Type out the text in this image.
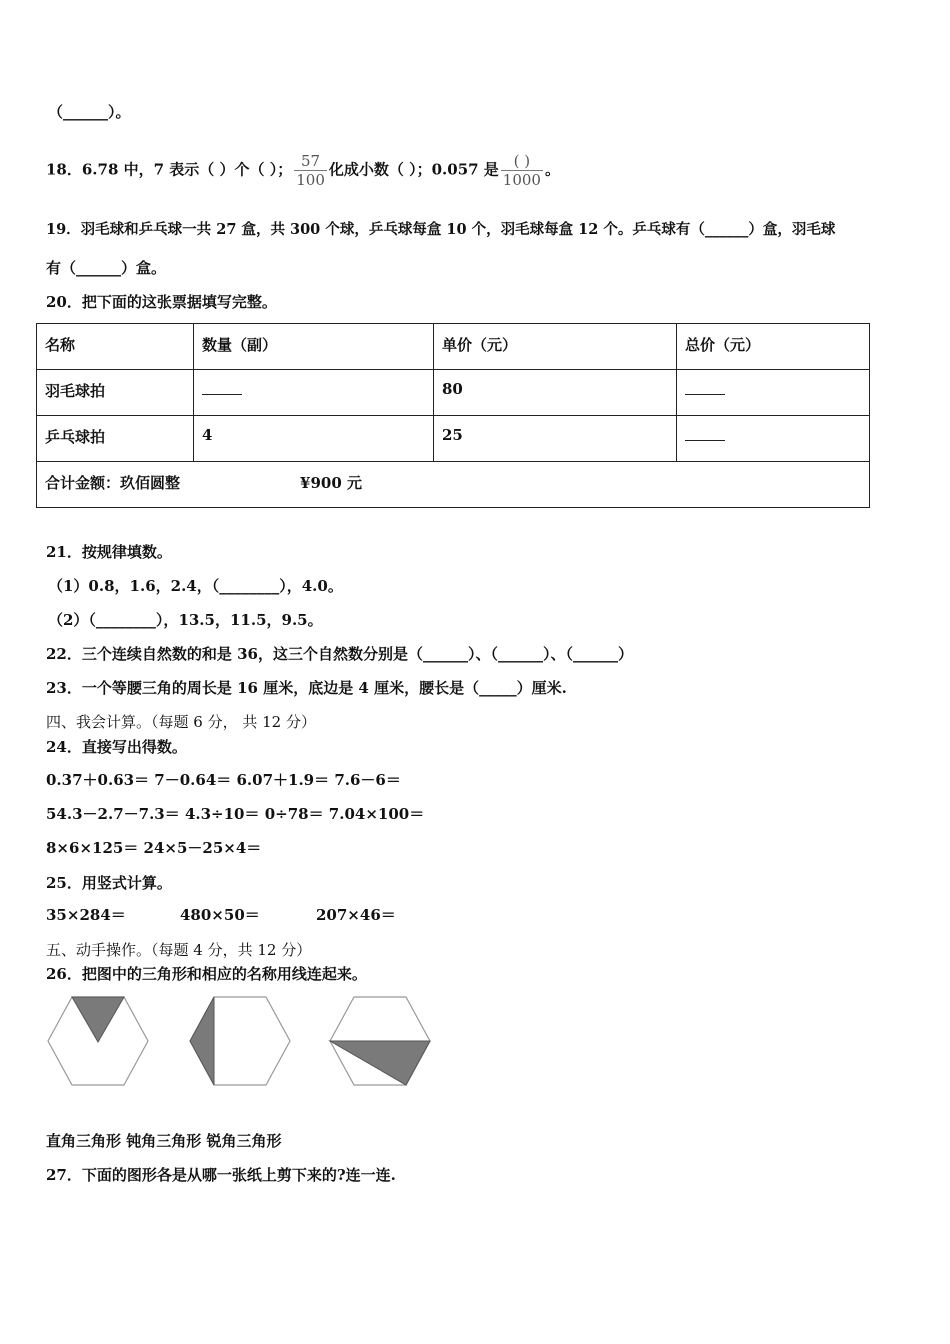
（______）。
18．6.78 中，7 表示（ ）个（ ）； $\frac{57}{100}$ 化成小数（ ）；0.057 是 $\frac{( )}{1000}$ 。
19．羽毛球和乒乓球一共 27 盒，共 300 个球，乒乓球每盒 10 个，羽毛球每盒 12 个。乒乓球有（______）盒，羽毛球
有（______）盒。
20．把下面的这张票据填写完整。
名称	数量（副）	单价（元）	总价（元）
羽毛球拍		80	
乒乓球拍	4	25	
合计金额：玖佰圆整 ¥900 元			
21．按规律填数。
（1）0.8，1.6，2.4，（________），4.0。
（2）（________），13.5，11.5，9.5。
22．三个连续自然数的和是 36，这三个自然数分别是（______）、（______）、（______）
23．一个等腰三角的周长是 16 厘米，底边是 4 厘米，腰长是（_____）厘米.
四、我会计算。（每题 6 分， 共 12 分）
24．直接写出得数。
0.37＋0.63＝ 7－0.64＝ 6.07＋1.9＝ 7.6－6＝
54.3－2.7－7.3＝ 4.3÷10＝ 0÷78＝ 7.04×100＝
8×6×125＝ 24×5－25×4＝
25．用竖式计算。
35×284＝	480×50＝	207×46＝
五、动手操作。（每题 4 分，共 12 分）
26．把图中的三角形和相应的名称用线连起来。
直角三角形 钝角三角形 锐角三角形
27．下面的图形各是从哪一张纸上剪下来的?连一连.
